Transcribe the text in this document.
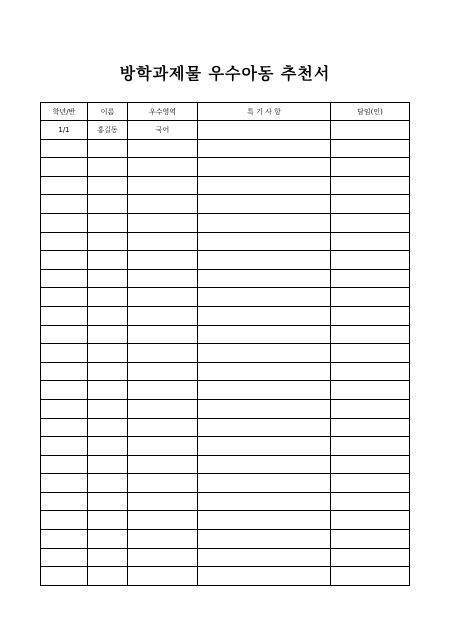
방학과제물 우수아동 추천서
학년/반	이름	우수영역	특 기 사 항	담임(인)
1/1	홍길동	국어		
